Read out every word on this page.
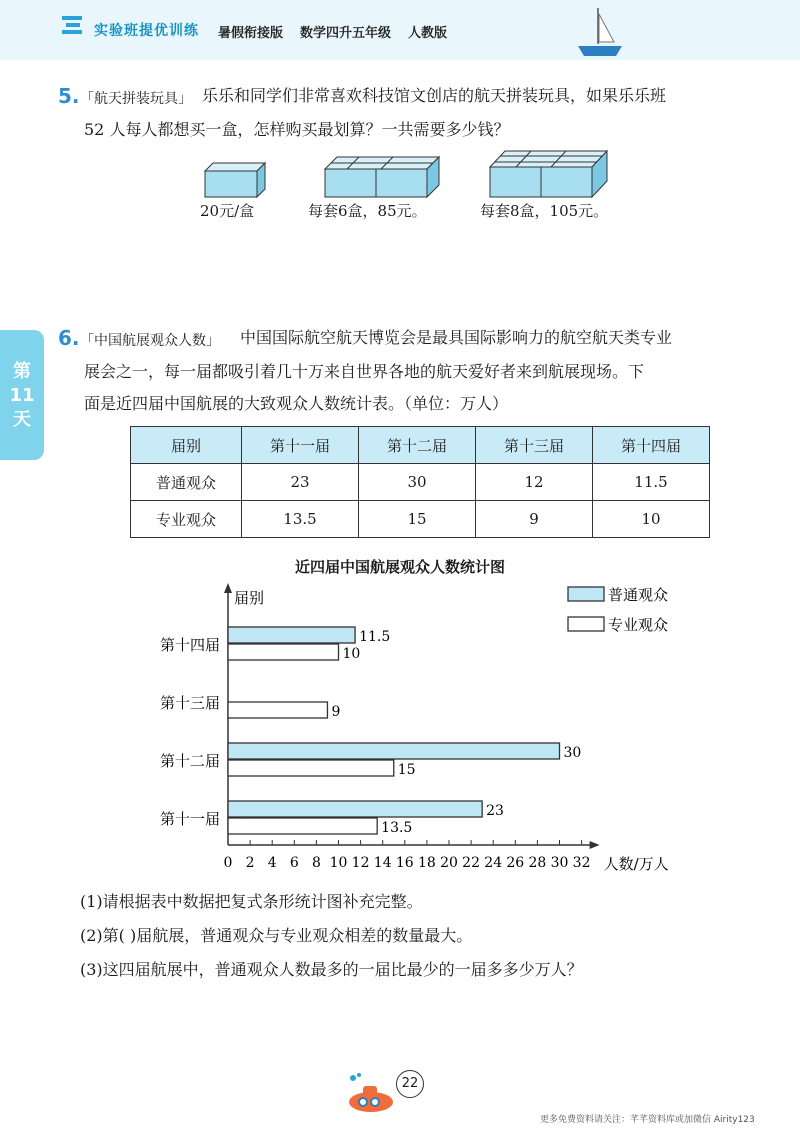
实验班提优训练 暑假衔接版 数学四升五年级 人教版
第11天
5. 「航天拼装玩具」 乐乐和同学们非常喜欢科技馆文创店的航天拼装玩具，如果乐乐班
52 人每人都想买一盒，怎样购买最划算？一共需要多少钱？
20元/盒	每套6盒，85元。	每套8盒，105元。
6. 「中国航展观众人数」 中国国际航空航天博览会是最具国际影响力的航空航天类专业
展会之一，每一届都吸引着几十万来自世界各地的航天爱好者来到航展现场。下
面是近四届中国航展的大致观众人数统计表。（单位：万人）
届别	第十一届	第十二届	第十三届	第十四届
普通观众	23	30	12	11.5
专业观众	13.5	15	9	10
近四届中国航展观众人数统计图
届别
人数/万人
0 2 4 6 8 10 12 14 16 18 20 22 24 26 28 30 32
第十四届	11.5
10
第十三届	9
第十二届	30
15
第十一届	23
13.5
普通观众
专业观众
(1)请根据表中数据把复式条形统计图补充完整。
(2)第( )届航展，普通观众与专业观众相差的数量最大。
(3)这四届航展中，普通观众人数最多的一届比最少的一届多多少万人？
22
更多免费资料请关注：芊芊资料库或加微信 Airity123
